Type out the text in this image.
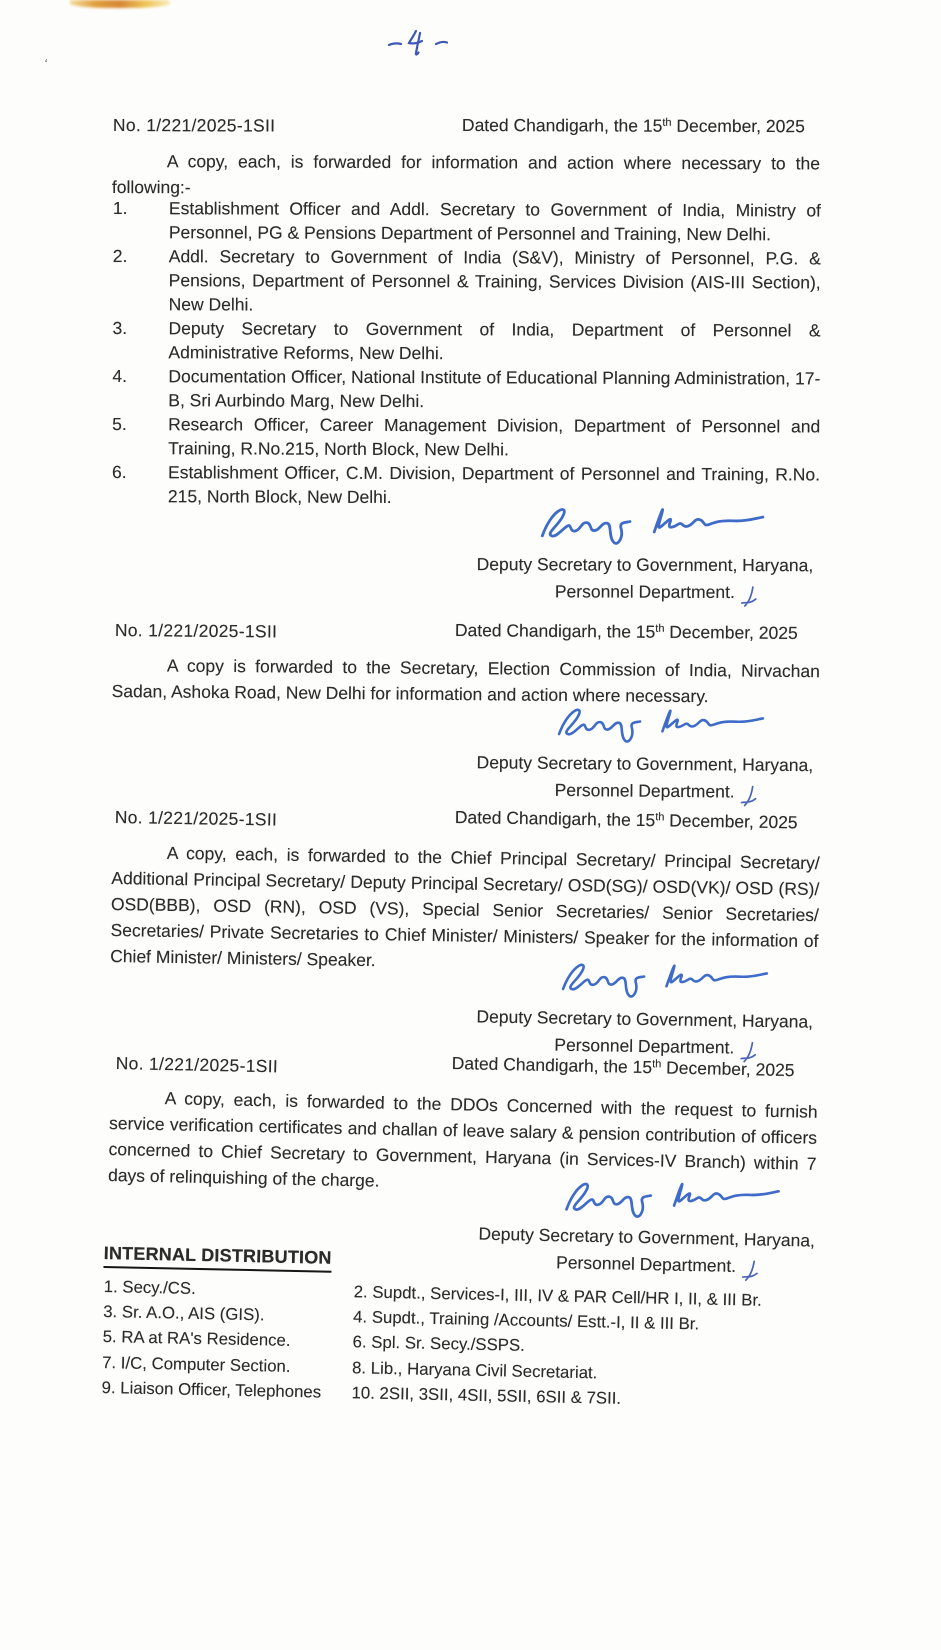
‘
No. 1/221/2025-1SII	Dated Chandigarh, the 15th December, 2025
A copy, each, is forwarded for information and action where necessary to the following:-
1.	Establishment Officer and Addl. Secretary to Government of India, Ministry of Personnel, PG & Pensions Department of Personnel and Training, New Delhi.
2.	Addl. Secretary to Government of India (S&V), Ministry of Personnel, P.G. & Pensions, Department of Personnel & Training, Services Division (AIS-III Section), New Delhi.
3.	Deputy Secretary to Government of India, Department of Personnel & Administrative Reforms, New Delhi.
4.	Documentation Officer, National Institute of Educational Planning Administration, 17-B, Sri Aurbindo Marg, New Delhi.
5.	Research Officer, Career Management Division, Department of Personnel and Training, R.No.215, North Block, New Delhi.
6.	Establishment Officer, C.M. Division, Department of Personnel and Training, R.No. 215, North Block, New Delhi.
Deputy Secretary to Government, Haryana,
Personnel Department.
No. 1/221/2025-1SII	Dated Chandigarh, the 15th December, 2025
A copy is forwarded to the Secretary, Election Commission of India, Nirvachan Sadan, Ashoka Road, New Delhi for information and action where necessary.
Deputy Secretary to Government, Haryana,
Personnel Department.
No. 1/221/2025-1SII	Dated Chandigarh, the 15th December, 2025
A copy, each, is forwarded to the Chief Principal Secretary/ Principal Secretary/ Additional Principal Secretary/ Deputy Principal Secretary/ OSD(SG)/ OSD(VK)/ OSD (RS)/ OSD(BBB), OSD (RN), OSD (VS), Special Senior Secretaries/ Senior Secretaries/ Secretaries/ Private Secretaries to Chief Minister/ Ministers/ Speaker for the information of Chief Minister/ Ministers/ Speaker.
Deputy Secretary to Government, Haryana,
Personnel Department.
No. 1/221/2025-1SII	Dated Chandigarh, the 15th December, 2025
A copy, each, is forwarded to the DDOs Concerned with the request to furnish service verification certificates and challan of leave salary & pension contribution of officers concerned to Chief Secretary to Government, Haryana (in Services-IV Branch) within 7 days of relinquishing of the charge.
Deputy Secretary to Government, Haryana,
Personnel Department.
INTERNAL DISTRIBUTION
1. Secy./CS.	2. Supdt., Services-I, III, IV & PAR Cell/HR I, II, & III Br.
3. Sr. A.O., AIS (GIS).	4. Supdt., Training /Accounts/ Estt.-I, II & III Br.
5. RA at RA's Residence.	6. Spl. Sr. Secy./SSPS.
7. I/C, Computer Section.	8. Lib., Haryana Civil Secretariat.
9. Liaison Officer, Telephones	10. 2SII, 3SII, 4SII, 5SII, 6SII & 7SII.
